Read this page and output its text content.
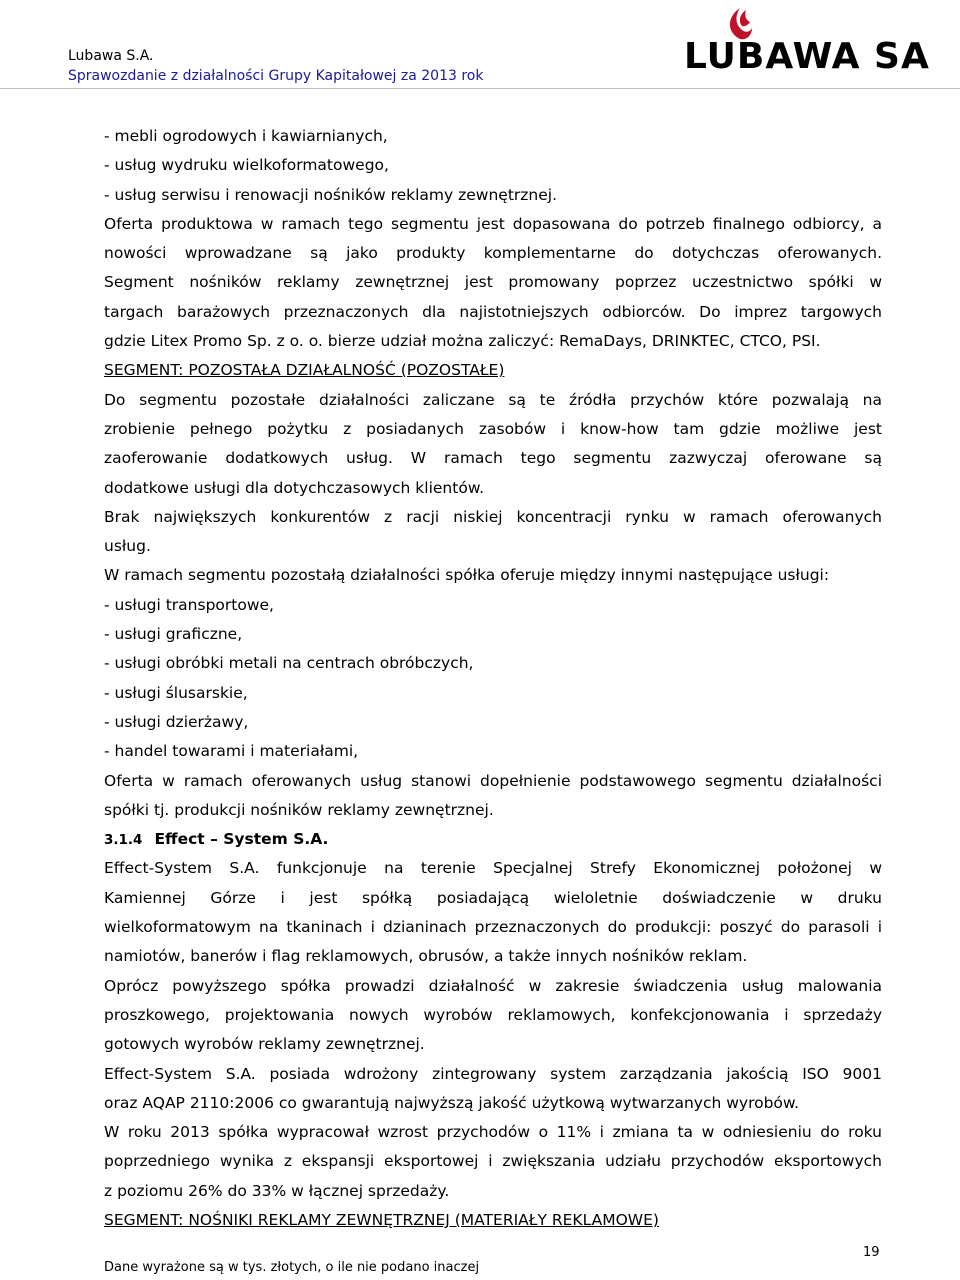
Lubawa S.A.
Sprawozdanie z działalności Grupy Kapitałowej za 2013 rok	LUBAWA SA
- mebli ogrodowych i kawiarnianych,
- usług wydruku wielkoformatowego,
- usług serwisu i renowacji nośników reklamy zewnętrznej.
Oferta produktowa w ramach tego segmentu jest dopasowana do potrzeb finalnego odbiorcy, a
nowości wprowadzane są jako produkty komplementarne do dotychczas oferowanych.
Segment nośników reklamy zewnętrznej jest promowany poprzez uczestnictwo spółki w
targach barażowych przeznaczonych dla najistotniejszych odbiorców. Do imprez targowych
gdzie Litex Promo Sp. z o. o. bierze udział można zaliczyć: RemaDays, DRINKTEC, CTCO, PSI.
SEGMENT: POZOSTAŁA DZIAŁALNOŚĆ (POZOSTAŁE)
Do segmentu pozostałe działalności zaliczane są te źródła przychów które pozwalają na
zrobienie pełnego pożytku z posiadanych zasobów i know-how tam gdzie możliwe jest
zaoferowanie dodatkowych usług. W ramach tego segmentu zazwyczaj oferowane są
dodatkowe usługi dla dotychczasowych klientów.
Brak największych konkurentów z racji niskiej koncentracji rynku w ramach oferowanych
usług.
W ramach segmentu pozostałą działalności spółka oferuje między innymi następujące usługi:
- usługi transportowe,
- usługi graficzne,
- usługi obróbki metali na centrach obróbczych,
- usługi ślusarskie,
- usługi dzierżawy,
- handel towarami i materiałami,
Oferta w ramach oferowanych usług stanowi dopełnienie podstawowego segmentu działalności
spółki tj. produkcji nośników reklamy zewnętrznej.
3.1.4 Effect – System S.A.
Effect-System S.A. funkcjonuje na terenie Specjalnej Strefy Ekonomicznej położonej w
Kamiennej Górze i jest spółką posiadającą wieloletnie doświadczenie w druku
wielkoformatowym na tkaninach i dzianinach przeznaczonych do produkcji: poszyć do parasoli i
namiotów, banerów i flag reklamowych, obrusów, a także innych nośników reklam.
Oprócz powyższego spółka prowadzi działalność w zakresie świadczenia usług malowania
proszkowego, projektowania nowych wyrobów reklamowych, konfekcjonowania i sprzedaży
gotowych wyrobów reklamy zewnętrznej.
Effect-System S.A. posiada wdrożony zintegrowany system zarządzania jakością ISO 9001
oraz AQAP 2110:2006 co gwarantują najwyższą jakość użytkową wytwarzanych wyrobów.
W roku 2013 spółka wypracował wzrost przychodów o 11% i zmiana ta w odniesieniu do roku
poprzedniego wynika z ekspansji eksportowej i zwiększania udziału przychodów eksportowych
z poziomu 26% do 33% w łącznej sprzedaży.
SEGMENT: NOŚNIKI REKLAMY ZEWNĘTRZNEJ (MATERIAŁY REKLAMOWE)
19
Dane wyrażone są w tys. złotych, o ile nie podano inaczej
